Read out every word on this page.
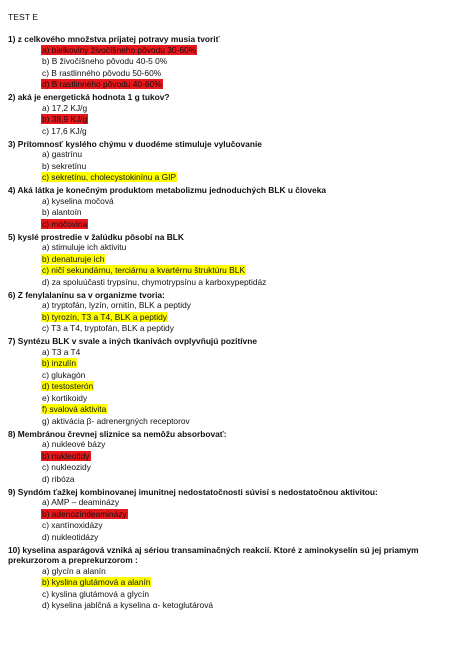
TEST E
1) z celkového množstva prijatej potravy musia tvoriť
a) bielkoviny živočíšneho pôvodu 30-60%
b) B živočíšneho pôvodu 40-5 0%
c) B rastlinného pôvodu 50-60%
d) B rastlinného pôvodu 40-60%
2) aká je energetická hodnota 1 g tukov?
a) 17,2 KJ/g
b) 38,9 KJ/g
c) 17,6 KJ/g
3) Prítomnosť kyslého chýmu v duodéme stimuluje vylučovanie
a) gastrínu
b) sekretínu
c) sekretínu, cholecystokinínu a GIP
4) Aká látka je konečným produktom metabolizmu jednoduchých BLK u človeka
a) kyselina močová
b) alantoín
c) močovina
5) kyslé prostredie v žalúdku pôsobí na BLK
a) stimuluje ich aktivitu
b) denaturuje ich
c) ničí sekundárnu, terciárnu a kvartérnu štruktúru BLK
d) za spoluúčasti trypsínu, chymotrypsínu a karboxypeptidáz
6) Z fenylalanínu sa v organizme tvoria:
a) tryptofán, lyzín, ornitín, BLK a peptidy
b) tyrozín, T3 a T4, BLK a peptidy
c) T3 a T4, tryptofán, BLK a peptidy
7) Syntézu BLK v svale a iných tkanivách ovplyvňujú pozitívne
a) T3 a T4
b) inzulín
c) glukagón
d) testosterón
e) kortikoidy
f) svalová aktivita
g) aktivácia β- adrenergných receptorov
8) Membránou črevnej sliznice sa nemôžu absorbovať:
a) nukleové bázy
b) nukleotidy
c) nukleozidy
d) ribóza
9) Syndóm ťažkej kombinovanej imunitnej nedostatočnosti súvisí s nedostatočnou aktivitou:
a) AMP – deaminázy
b) adenozíndeaminázy
c) xantínoxidázy
d) nukleotidázy
10) kyselina asparágová vzniká aj sériou transaminačných reakcií. Ktoré z aminokyselín sú jej priamym prekurzorom a preprekurzorom :
a) glycín a alanín
b) kyslina glutámová a alanín
c) kyslina glutámová a glycín
d) kyselina jablčná a kyselina α- ketoglutárová
